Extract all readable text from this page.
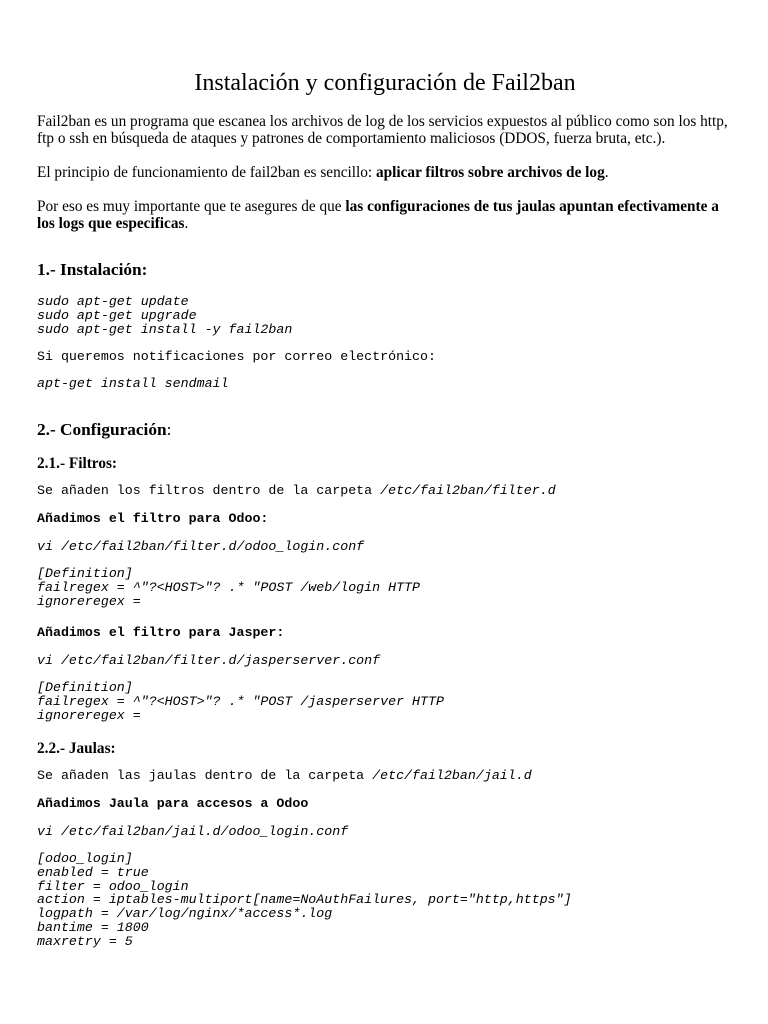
Instalación y configuración de Fail2ban
Fail2ban es un programa que escanea los archivos de log de los servicios expuestos al público como son los http, ftp o ssh en búsqueda de ataques y patrones de comportamiento maliciosos (DDOS, fuerza bruta, etc.).
El principio de funcionamiento de fail2ban es sencillo: aplicar filtros sobre archivos de log.
Por eso es muy importante que te asegures de que las configuraciones de tus jaulas apuntan efectivamente a los logs que especificas.
1.- Instalación:
sudo apt-get update
sudo apt-get upgrade
sudo apt-get install -y fail2ban
Si queremos notificaciones por correo electrónico:
apt-get install sendmail
2.- Configuración:
2.1.- Filtros:
Se añaden los filtros dentro de la carpeta /etc/fail2ban/filter.d
Añadimos el filtro para Odoo:
vi /etc/fail2ban/filter.d/odoo_login.conf
[Definition]
failregex = ^"?<HOST>"? .* "POST /web/login HTTP
ignoreregex =
Añadimos el filtro para Jasper:
vi /etc/fail2ban/filter.d/jasperserver.conf
[Definition]
failregex = ^"?<HOST>"? .* "POST /jasperserver HTTP
ignoreregex =
2.2.- Jaulas:
Se añaden las jaulas dentro de la carpeta /etc/fail2ban/jail.d
Añadimos Jaula para accesos a Odoo
vi /etc/fail2ban/jail.d/odoo_login.conf
[odoo_login]
enabled = true
filter = odoo_login
action = iptables-multiport[name=NoAuthFailures, port="http,https"]
logpath = /var/log/nginx/*access*.log
bantime = 1800
maxretry = 5
